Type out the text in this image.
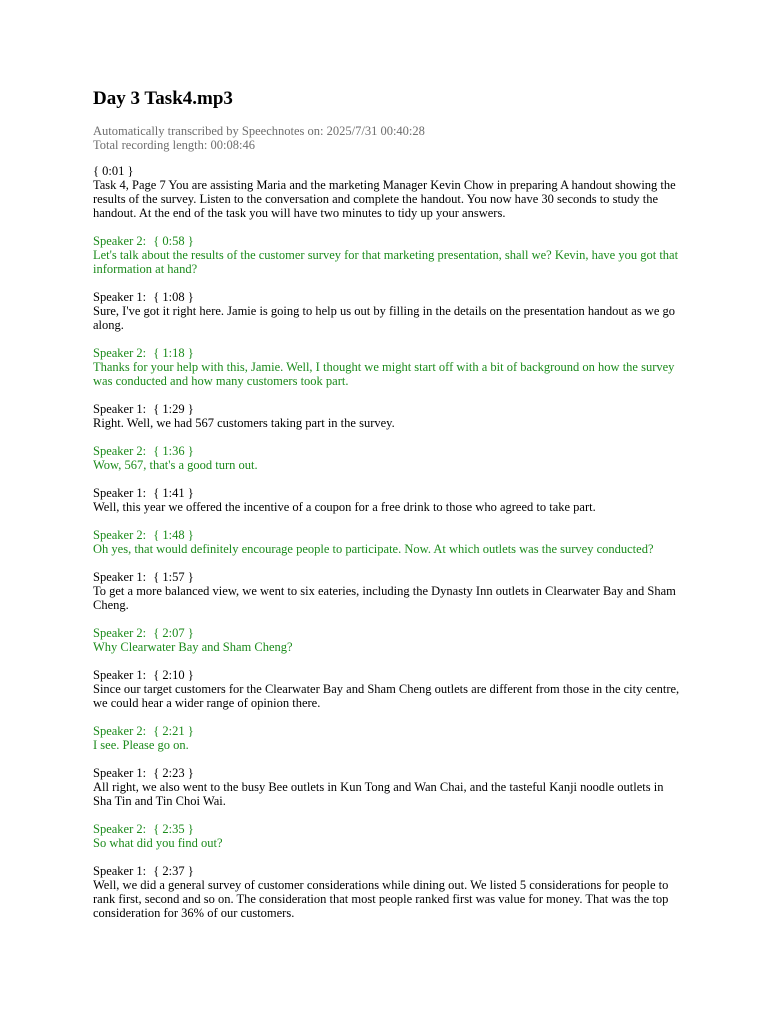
Day 3 Task4.mp3
Automatically transcribed by Speechnotes on: 2025/7/31 00:40:28
Total recording length: 00:08:46
{ 0:01 }
Task 4, Page 7 You are assisting Maria and the marketing Manager Kevin Chow in preparing A handout showing the results of the survey. Listen to the conversation and complete the handout. You now have 30 seconds to study the handout. At the end of the task you will have two minutes to tidy up your answers.
Speaker 2: { 0:58 }
Let's talk about the results of the customer survey for that marketing presentation, shall we? Kevin, have you got that information at hand?
Speaker 1: { 1:08 }
Sure, I've got it right here. Jamie is going to help us out by filling in the details on the presentation handout as we go along.
Speaker 2: { 1:18 }
Thanks for your help with this, Jamie. Well, I thought we might start off with a bit of background on how the survey was conducted and how many customers took part.
Speaker 1: { 1:29 }
Right. Well, we had 567 customers taking part in the survey.
Speaker 2: { 1:36 }
Wow, 567, that's a good turn out.
Speaker 1: { 1:41 }
Well, this year we offered the incentive of a coupon for a free drink to those who agreed to take part.
Speaker 2: { 1:48 }
Oh yes, that would definitely encourage people to participate. Now. At which outlets was the survey conducted?
Speaker 1: { 1:57 }
To get a more balanced view, we went to six eateries, including the Dynasty Inn outlets in Clearwater Bay and Sham Cheng.
Speaker 2: { 2:07 }
Why Clearwater Bay and Sham Cheng?
Speaker 1: { 2:10 }
Since our target customers for the Clearwater Bay and Sham Cheng outlets are different from those in the city centre, we could hear a wider range of opinion there.
Speaker 2: { 2:21 }
I see. Please go on.
Speaker 1: { 2:23 }
All right, we also went to the busy Bee outlets in Kun Tong and Wan Chai, and the tasteful Kanji noodle outlets in Sha Tin and Tin Choi Wai.
Speaker 2: { 2:35 }
So what did you find out?
Speaker 1: { 2:37 }
Well, we did a general survey of customer considerations while dining out. We listed 5 considerations for people to rank first, second and so on. The consideration that most people ranked first was value for money. That was the top consideration for 36% of our customers.
